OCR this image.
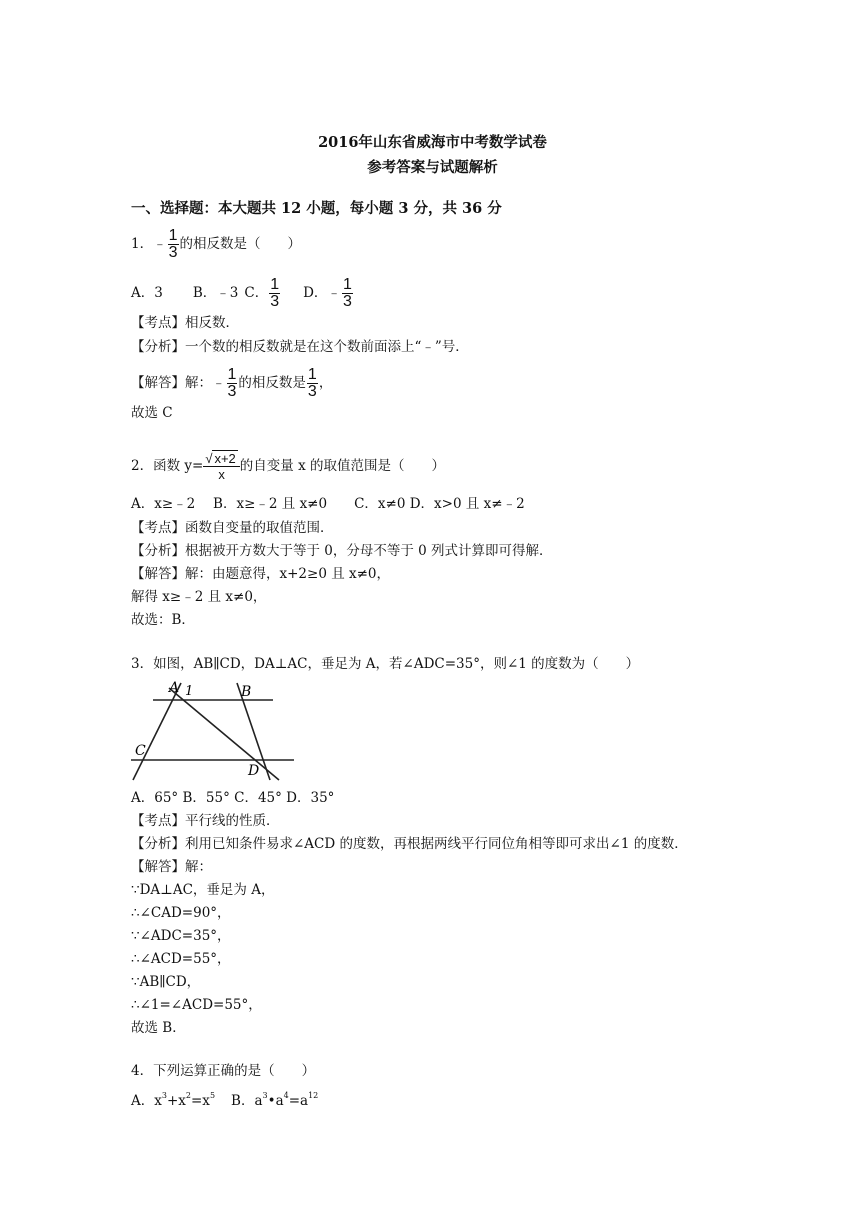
2016年山东省威海市中考数学试卷
参考答案与试题解析
一、选择题：本大题共 12 小题，每小题 3 分，共 36 分
1．﹣ $\frac{1}{3}$ 的相反数是（　　）
A．3 B．﹣3 C． $\frac{1}{3}$ D．﹣ $\frac{1}{3}$
【考点】相反数．
【分析】一个数的相反数就是在这个数前面添上“﹣”号．
【解答】解：﹣ $\frac{1}{3}$ 的相反数是 $\frac{1}{3}$ ，
故选 C
2．函数 $y= \frac{√ x+2}{x}$的自变量 x 的取值范围是（　　）
A．x≥﹣2　 B．x≥﹣2 且 x≠0　　C．x≠0 D．x>0 且 x≠﹣2
【考点】函数自变量的取值范围．
【分析】根据被开方数大于等于 0，分母不等于 0 列式计算即可得解．
【解答】解：由题意得，x+2≥0 且 x≠0，
解得 x≥﹣2 且 x≠0，
故选：B．
3．如图，AB∥CD，DA⊥AC，垂足为 A，若∠ADC=35°，则∠1 的度数为（　　）
A 1	B
C
D
A．65° B．55° C．45° D．35°
【考点】平行线的性质．
【分析】利用已知条件易求∠ACD 的度数，再根据两线平行同位角相等即可求出∠1 的度数．
【解答】解：
∵DA⊥AC，垂足为 A，
∴∠CAD=90°，
∵∠ADC=35°，
∴∠ACD=55°，
∵AB∥CD，
∴∠1=∠ACD=55°，
故选 B．
4．下列运算正确的是（　　）
A．$x^3+x^2=x^5$ B．$a^3•a^4=a^{12}$
